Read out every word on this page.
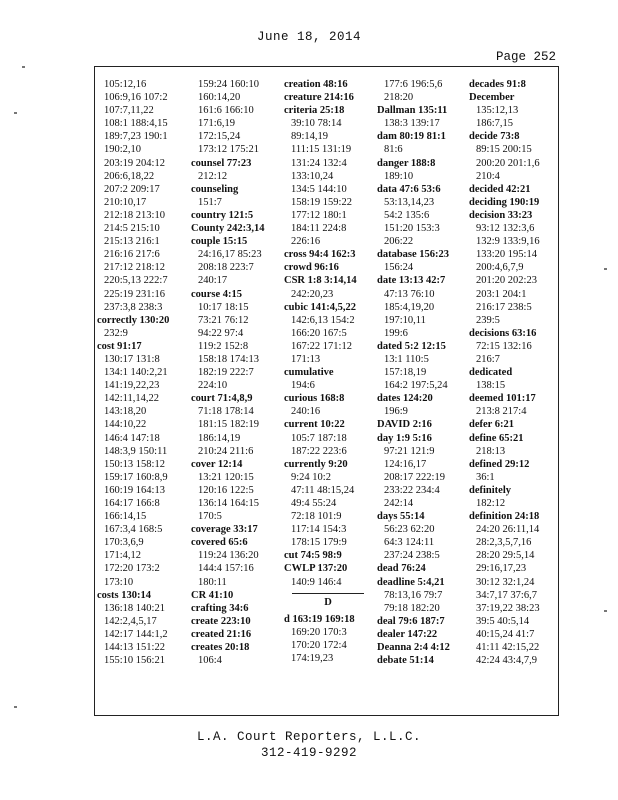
June 18, 2014
Page 252
105:12,16
106:9,16 107:2
107:7,11,22
108:1 188:4,15
189:7,23 190:1
190:2,10
203:19 204:12
206:6,18,22
207:2 209:17
210:10,17
212:18 213:10
214:5 215:10
215:13 216:1
216:16 217:6
217:12 218:12
220:5,13 222:7
225:19 231:16
237:3,8 238:3
correctly 130:20
232:9
cost 91:17
130:17 131:8
134:1 140:2,21
141:19,22,23
142:11,14,22
143:18,20
144:10,22
146:4 147:18
148:3,9 150:11
150:13 158:12
159:17 160:8,9
160:19 164:13
164:17 166:8
166:14,15
167:3,4 168:5
170:3,6,9
171:4,12
172:20 173:2
173:10
costs 130:14
136:18 140:21
142:2,4,5,17
142:17 144:1,2
144:13 151:22
155:10 156:21
159:24 160:10
160:14,20
161:6 166:10
171:6,19
172:15,24
173:12 175:21
counsel 77:23
212:12
counseling
151:7
country 121:5
County 242:3,14
couple 15:15
24:16,17 85:23
208:18 223:7
240:17
course 4:15
10:17 18:15
73:21 76:12
94:22 97:4
119:2 152:8
158:18 174:13
182:19 222:7
224:10
court 71:4,8,9
71:18 178:14
181:15 182:19
186:14,19
210:24 211:6
cover 12:14
13:21 120:15
120:16 122:5
136:14 164:15
170:5
coverage 33:17
covered 65:6
119:24 136:20
144:4 157:16
180:11
CR 41:10
crafting 34:6
create 223:10
created 21:16
creates 20:18
106:4
creation 48:16
creature 214:16
criteria 25:18
39:10 78:14
89:14,19
111:15 131:19
131:24 132:4
133:10,24
134:5 144:10
158:19 159:22
177:12 180:1
184:11 224:8
226:16
cross 94:4 162:3
crowd 96:16
CSR 1:8 3:14,14
242:20,23
cubic 141:4,5,22
142:6,13 154:2
166:20 167:5
167:22 171:12
171:13
cumulative
194:6
curious 168:8
240:16
current 10:22
105:7 187:18
187:22 223:6
currently 9:20
9:24 10:2
47:11 48:15,24
49:4 55:24
72:18 101:9
117:14 154:3
178:15 179:9
cut 74:5 98:9
CWLP 137:20
140:9 146:4
D
d 163:19 169:18
169:20 170:3
170:20 172:4
174:19,23
177:6 196:5,6
218:20
Dallman 135:11
138:3 139:17
dam 80:19 81:1
81:6
danger 188:8
189:10
data 47:6 53:6
53:13,14,23
54:2 135:6
151:20 153:3
206:22
database 156:23
156:24
date 13:13 42:7
47:13 76:10
185:4,19,20
197:10,11
199:6
dated 5:2 12:15
13:1 110:5
157:18,19
164:2 197:5,24
dates 124:20
196:9
DAVID 2:16
day 1:9 5:16
97:21 121:9
124:16,17
208:17 222:19
233:22 234:4
242:14
days 55:14
56:23 62:20
64:3 124:11
237:24 238:5
dead 76:24
deadline 5:4,21
78:13,16 79:7
79:18 182:20
deal 79:6 187:7
dealer 147:22
Deanna 2:4 4:12
debate 51:14
decades 91:8
December
135:12,13
186:7,15
decide 73:8
89:15 200:15
200:20 201:1,6
210:4
decided 42:21
deciding 190:19
decision 33:23
93:12 132:3,6
132:9 133:9,16
133:20 195:14
200:4,6,7,9
201:20 202:23
203:1 204:1
216:17 238:5
239:5
decisions 63:16
72:15 132:16
216:7
dedicated
138:15
deemed 101:17
213:8 217:4
defer 6:21
define 65:21
218:13
defined 29:12
36:1
definitely
182:12
definition 24:18
24:20 26:11,14
28:2,3,5,7,16
28:20 29:5,14
29:16,17,23
30:12 32:1,24
34:7,17 37:6,7
37:19,22 38:23
39:5 40:5,14
40:15,24 41:7
41:11 42:15,22
42:24 43:4,7,9
L.A. Court Reporters, L.L.C.
312-419-9292
